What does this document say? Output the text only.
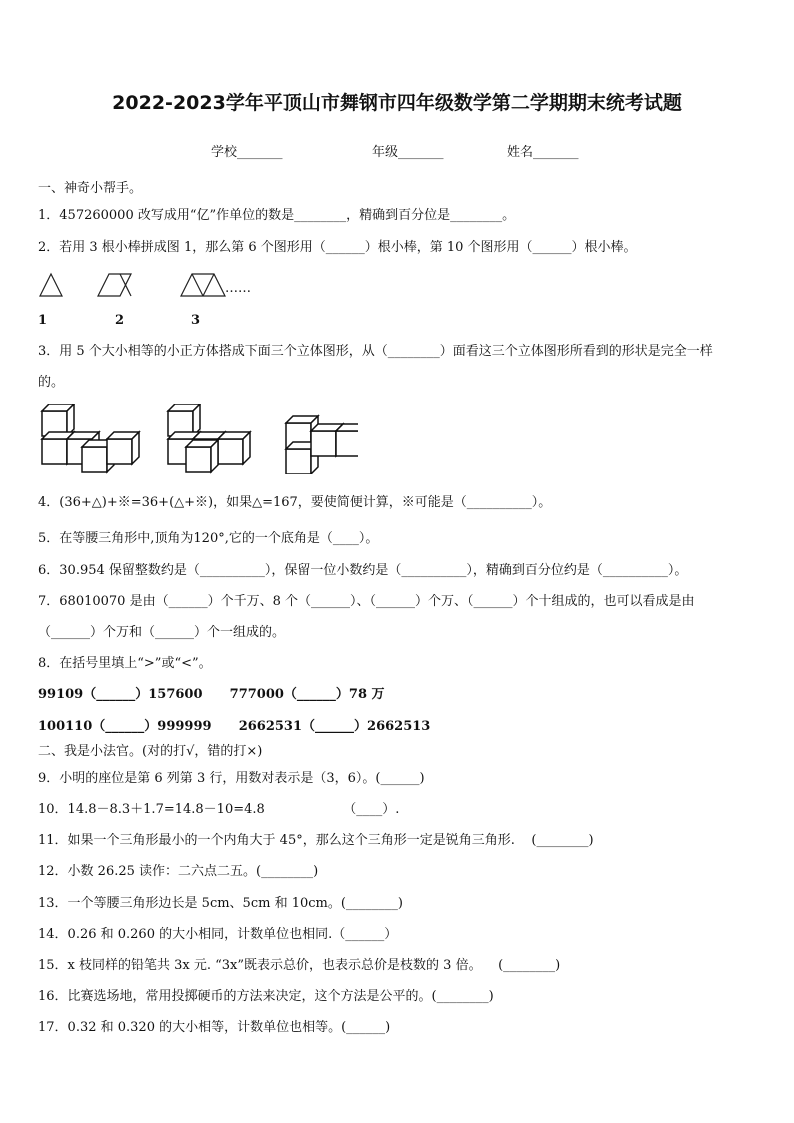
2022-2023学年平顶山市舞钢市四年级数学第二学期期末统考试题
学校_______	年级_______	姓名_______
一、神奇小帮手。
1．457260000 改写成用“亿”作单位的数是________，精确到百分位是________。
2．若用 3 根小棒拼成图 1，那么第 6 个图形用（______）根小棒，第 10 个图形用（______）根小棒。
……
1	2	3
3．用 5 个大小相等的小正方体搭成下面三个立体图形，从（________）面看这三个立体图形所看到的形状是完全一样
的。
4．(36+△)+※=36+(△+※)，如果△=167，要使简便计算，※可能是（__________）。
5．在等腰三角形中,顶角为120°,它的一个底角是（____）。
6．30.954 保留整数约是（__________），保留一位小数约是（__________），精确到百分位约是（__________）。
7．68010070 是由（______）个千万、8 个（______）、（______）个万、（______）个十组成的，也可以看成是由
（______）个万和（______）个一组成的。
8．在括号里填上“>”或“<”。
99109（______）157600      777000（______）78 万
100110（______）999999      2662531（______）2662513
二、我是小法官。(对的打√，错的打×)
9．小明的座位是第 6 列第 3 行，用数对表示是（3，6）。(______)
10．14.8－8.3＋1.7=14.8－10=4.8                   （____）.
11．如果一个三角形最小的一个内角大于 45°，那么这个三角形一定是锐角三角形.    (________)
12．小数 26.25 读作：二六点二五。(________)
13．一个等腰三角形边长是 5cm、5cm 和 10cm。(________)
14．0.26 和 0.260 的大小相同，计数单位也相同.（______）
15．x 枝同样的铅笔共 3x 元. “3x”既表示总价，也表示总价是枝数的 3 倍。    (________)
16．比赛选场地，常用投掷硬币的方法来决定，这个方法是公平的。(________)
17．0.32 和 0.320 的大小相等，计数单位也相等。(______)
